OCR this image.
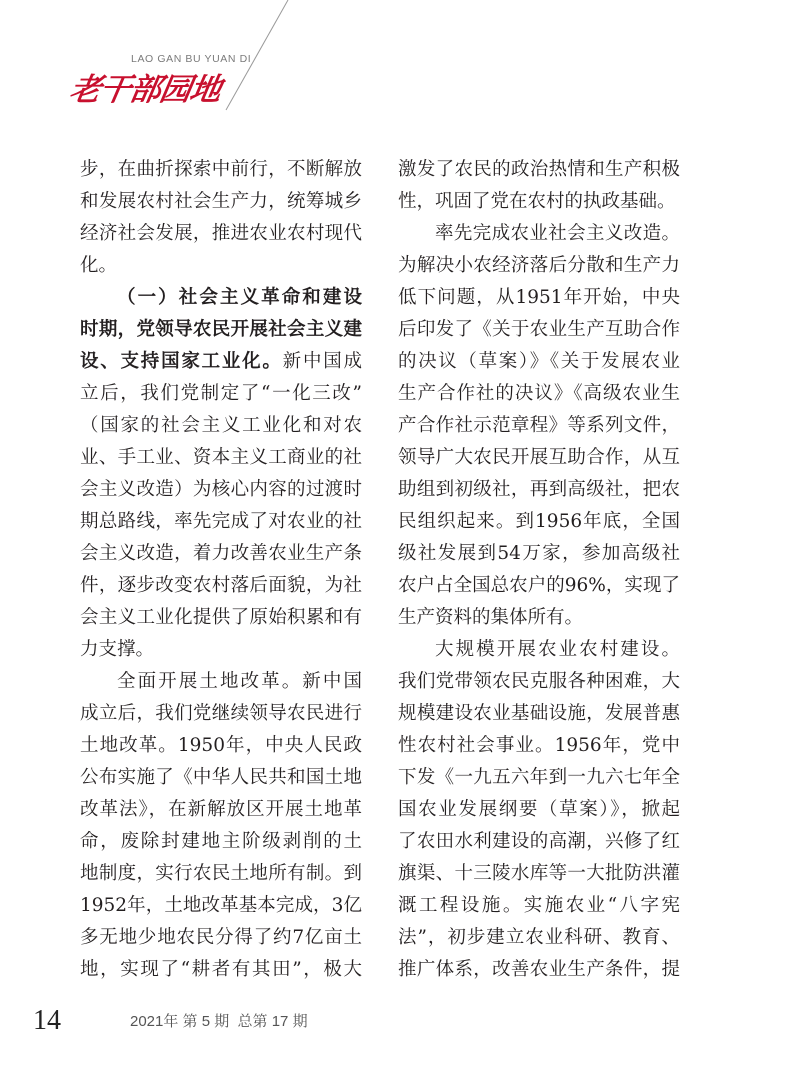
LAO GAN BU YUAN DI
老干部园地
步，在曲折探索中前行，不断解放
和发展农村社会生产力，统筹城乡
经济社会发展，推进农业农村现代
化。
（一）社会主义革命和建设
时期，党领导农民开展社会主义建
设、支持国家工业化。新中国成
立后，我们党制定了“一化三改”
（国家的社会主义工业化和对农
业、手工业、资本主义工商业的社
会主义改造）为核心内容的过渡时
期总路线，率先完成了对农业的社
会主义改造，着力改善农业生产条
件，逐步改变农村落后面貌，为社
会主义工业化提供了原始积累和有
力支撑。
全面开展土地改革。新中国
成立后，我们党继续领导农民进行
土地改革。1950年，中央人民政
公布实施了《中华人民共和国土地
改革法》，在新解放区开展土地革
命，废除封建地主阶级剥削的土
地制度，实行农民土地所有制。到
1952年，土地改革基本完成，3亿
多无地少地农民分得了约7亿亩土
地，实现了“耕者有其田”，极大
激发了农民的政治热情和生产积极
性，巩固了党在农村的执政基础。
率先完成农业社会主义改造。
为解决小农经济落后分散和生产力
低下问题，从1951年开始，中央
后印发了《关于农业生产互助合作
的决议（草案）》《关于发展农业
生产合作社的决议》《高级农业生
产合作社示范章程》等系列文件，
领导广大农民开展互助合作，从互
助组到初级社，再到高级社，把农
民组织起来。到1956年底，全国
级社发展到54万家，参加高级社
农户占全国总农户的96%，实现了
生产资料的集体所有。
大规模开展农业农村建设。
我们党带领农民克服各种困难，大
规模建设农业基础设施，发展普惠
性农村社会事业。1956年，党中
下发《一九五六年到一九六七年全
国农业发展纲要（草案）》，掀起
了农田水利建设的高潮，兴修了红
旗渠、十三陵水库等一大批防洪灌
溉工程设施。实施农业“八字宪
法”，初步建立农业科研、教育、
推广体系，改善农业生产条件，提
14	2021年 第 5 期  总第 17 期
